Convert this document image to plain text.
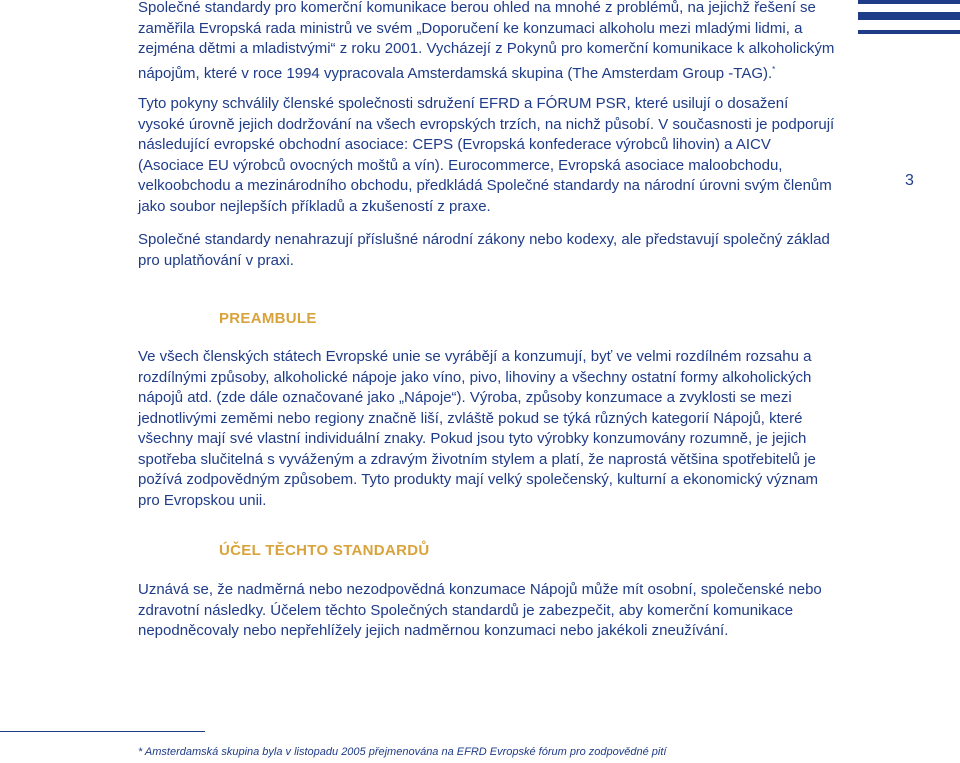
3

Společné standardy pro komerční komunikace berou ohled na mnohé z problémů, na jejichž řešení se zaměřila Evropská rada ministrů ve svém „Doporučení ke konzumaci alkoholu mezi mladými lidmi, a zejména dětmi a mladistvými“ z roku 2001. Vycházejí z Pokynů pro komerční komunikace k alkoholickým nápojům, které v roce 1994 vypracovala Amsterdamská skupina (The Amsterdam Group -TAG).*

Tyto pokyny schválily členské společnosti sdružení EFRD a FÓRUM PSR, které usilují o dosažení vysoké úrovně jejich dodržování na všech evropských trzích, na nichž působí. V současnosti je podporují následující evropské obchodní asociace: CEPS (Evropská konfederace výrobců lihovin) a AICV (Asociace EU výrobců ovocných moštů a vín). Eurocommerce, Evropská asociace maloobchodu, velkoobchodu a mezinárodního obchodu, předkládá Společné standardy na národní úrovni svým členům jako soubor nejlepších příkladů a zkušeností z praxe.

Společné standardy nenahrazují příslušné národní zákony nebo kodexy, ale představují společný základ pro uplatňování v praxi.

PREAMBULE

Ve všech členských státech Evropské unie se vyrábějí a konzumují, byť ve velmi rozdílném rozsahu a rozdílnými způsoby, alkoholické nápoje jako víno, pivo, lihoviny a všechny ostatní formy alkoholických nápojů atd. (zde dále označované jako „Nápoje“). Výroba, způsoby konzumace a zvyklosti se mezi jednotlivými zeměmi nebo regiony značně liší, zvláště pokud se týká různých kategorií Nápojů, které všechny mají své vlastní individuální znaky. Pokud jsou tyto výrobky konzumovány rozumně, je jejich spotřeba slučitelná s vyváženým a zdravým životním stylem a platí, že naprostá většina spotřebitelů je požívá zodpovědným způsobem. Tyto produkty mají velký společenský, kulturní a ekonomický význam pro Evropskou unii.

ÚČEL TĚCHTO STANDARDŮ

Uznává se, že nadměrná nebo nezodpovědná konzumace Nápojů může mít osobní, společenské nebo zdravotní následky. Účelem těchto Společných standardů je zabezpečit, aby komerční komunikace nepodněcovaly nebo nepřehlížely jejich nadměrnou konzumaci nebo jakékoli zneužívání.

* Amsterdamská skupina byla v listopadu 2005 přejmenována na EFRD Evropské fórum pro zodpovědné pití
